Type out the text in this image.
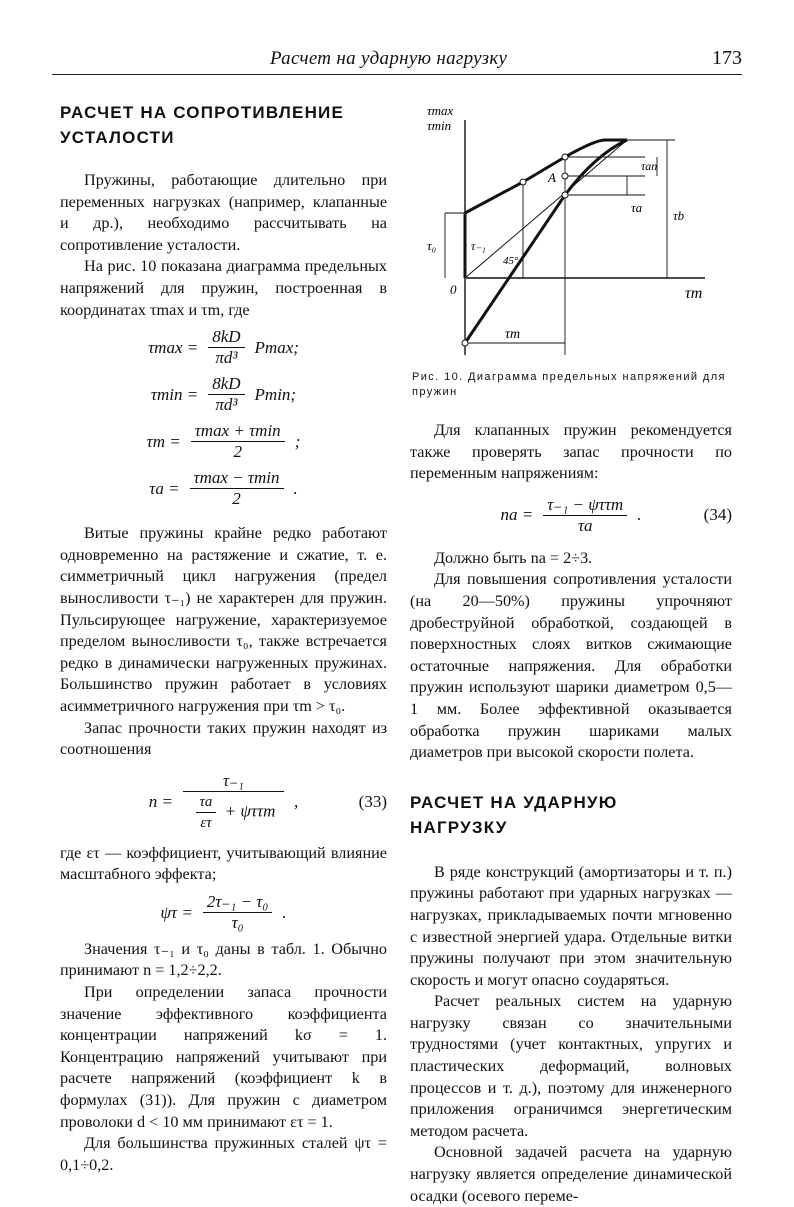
Расчет на ударную нагрузку	173
РАСЧЕТ НА СОПРОТИВЛЕНИЕ УСТАЛОСТИ

Пружины, работающие длительно при переменных нагрузках (например, клапанные и др.), необходимо рассчитывать на сопротивление усталости.

На рис. 10 показана диаграмма предельных напряжений для пружин, построенная в координатах τmax и τm, где

$\tau\max = \frac{8kD}{\text{πd³}} Pmax$;
$\tau\min = \frac{8kD}{\text{πd³}} Pmin$;
$\tau m = \frac{\tau\max + \tau\min}{2}$ ;
$\tau a = \frac{\tau\max - \tau\min}{2}$ .

Витые пружины крайне редко работают одновременно на растяжение и сжатие, т. е. симметричный цикл нагружения (предел выносливости τ₋₁) не характерен для пружин. Пульсирующее нагружение, характеризуемое пределом выносливости τ₀, также встречается редко в динамически нагруженных пружинах. Большинство пружин работает в условиях асимметричного нагружения при τm > τ₀.

Запас прочности таких пружин находят из соотношения

$n = \frac{\text{τ₋₁}}{\frac{\tau a}{\varepsilon\tau} + \psi\tau\tau m}$ ,	(33)

где ετ — коэффициент, учитывающий влияние масштабного эффекта;

$\psi\tau = \frac{\text{2τ₋₁ − τ₀}}{\text{τ₀}}$ .

Значения τ₋₁ и τ₀ даны в табл. 1. Обычно принимают n = 1,2÷2,2.

При определении запаса прочности значение эффективного коэффициента концентрации напряжений kσ = 1. Концентрацию напряжений учитывают при расчете напряжений (коэффициент k в формулах (31)). Для пружин с диаметром проволоки d < 10 мм принимают ετ = 1.

Для большинства пружинных сталей ψτ = 0,1÷0,2.

τmax
τmin
τm
0
A
45°
τ₀	τ₋₁
τa
τan
τb
τm
Рис. 10. Диаграмма предельных напряжений для пружин

Для клапанных пружин рекомендуется также проверять запас прочности по переменным напряжениям:

na = $\frac{\text{τ₋₁ − ψττm}}{\tau a}$ .	(34)

Должно быть na = 2÷3.

Для повышения сопротивления усталости (на 20—50%) пружины упрочняют дробеструйной обработкой, создающей в поверхностных слоях витков сжимающие остаточные напряжения. Для обработки пружин используют шарики диаметром 0,5—1 мм. Более эффективной оказывается обработка пружин шариками малых диаметров при высокой скорости полета.

РАСЧЕТ НА УДАРНУЮ НАГРУЗКУ

В ряде конструкций (амортизаторы и т. п.) пружины работают при ударных нагрузках — нагрузках, прикладываемых почти мгновенно с известной энергией удара. Отдельные витки пружины получают при этом значительную скорость и могут опасно соударяться.

Расчет реальных систем на ударную нагрузку связан со значительными трудностями (учет контактных, упругих и пластических деформаций, волновых процессов и т. д.), поэтому для инженерного приложения ограничимся энергетическим методом расчета.

Основной задачей расчета на ударную нагрузку является определение динамической осадки (осевого переме-
